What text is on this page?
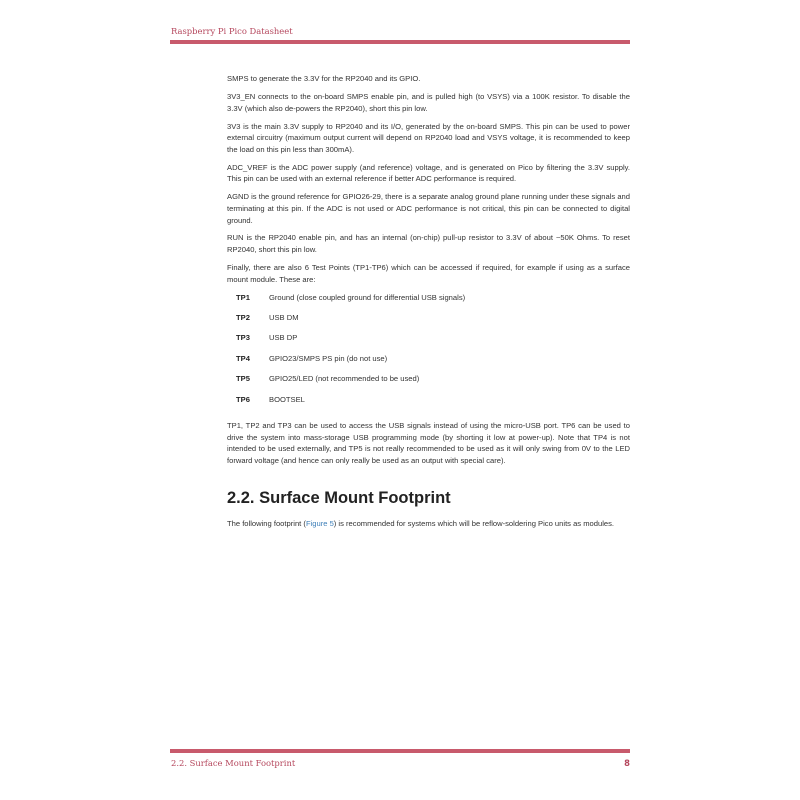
Raspberry Pi Pico Datasheet

SMPS to generate the 3.3V for the RP2040 and its GPIO.

3V3_EN connects to the on-board SMPS enable pin, and is pulled high (to VSYS) via a 100K resistor. To disable the 3.3V (which also de-powers the RP2040), short this pin low.

3V3 is the main 3.3V supply to RP2040 and its I/O, generated by the on-board SMPS. This pin can be used to power external circuitry (maximum output current will depend on RP2040 load and VSYS voltage, it is recommended to keep the load on this pin less than 300mA).

ADC_VREF is the ADC power supply (and reference) voltage, and is generated on Pico by filtering the 3.3V supply. This pin can be used with an external reference if better ADC performance is required.

AGND is the ground reference for GPIO26-29, there is a separate analog ground plane running under these signals and terminating at this pin. If the ADC is not used or ADC performance is not critical, this pin can be connected to digital ground.

RUN is the RP2040 enable pin, and has an internal (on-chip) pull-up resistor to 3.3V of about ~50K Ohms. To reset RP2040, short this pin low.

Finally, there are also 6 Test Points (TP1-TP6) which can be accessed if required, for example if using as a surface mount module. These are:

TP1	Ground (close coupled ground for differential USB signals)
TP2	USB DM
TP3	USB DP
TP4	GPIO23/SMPS PS pin (do not use)
TP5	GPIO25/LED (not recommended to be used)
TP6	BOOTSEL

TP1, TP2 and TP3 can be used to access the USB signals instead of using the micro-USB port. TP6 can be used to drive the system into mass-storage USB programming mode (by shorting it low at power-up). Note that TP4 is not intended to be used externally, and TP5 is not really recommended to be used as it will only swing from 0V to the LED forward voltage (and hence can only really be used as an output with special care).

2.2. Surface Mount Footprint

The following footprint (Figure 5) is recommended for systems which will be reflow-soldering Pico units as modules.

2.2. Surface Mount Footprint	8
